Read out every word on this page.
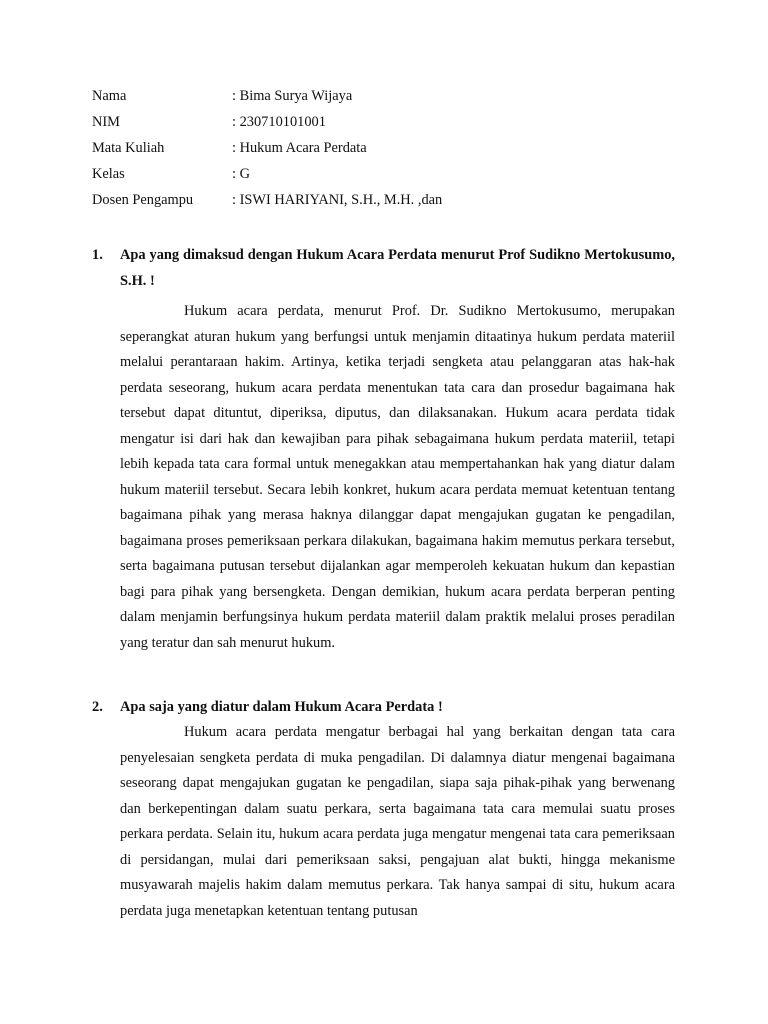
Nama	: Bima Surya Wijaya
NIM	: 230710101001
Mata Kuliah	: Hukum Acara Perdata
Kelas	: G
Dosen Pengampu	: ISWI HARIYANI, S.H., M.H. ,dan
1.	Apa yang dimaksud dengan Hukum Acara Perdata menurut Prof Sudikno Mertokusumo, S.H. !

Hukum acara perdata, menurut Prof. Dr. Sudikno Mertokusumo, merupakan seperangkat aturan hukum yang berfungsi untuk menjamin ditaatinya hukum perdata materiil melalui perantaraan hakim. Artinya, ketika terjadi sengketa atau pelanggaran atas hak-hak perdata seseorang, hukum acara perdata menentukan tata cara dan prosedur bagaimana hak tersebut dapat dituntut, diperiksa, diputus, dan dilaksanakan. Hukum acara perdata tidak mengatur isi dari hak dan kewajiban para pihak sebagaimana hukum perdata materiil, tetapi lebih kepada tata cara formal untuk menegakkan atau mempertahankan hak yang diatur dalam hukum materiil tersebut. Secara lebih konkret, hukum acara perdata memuat ketentuan tentang bagaimana pihak yang merasa haknya dilanggar dapat mengajukan gugatan ke pengadilan, bagaimana proses pemeriksaan perkara dilakukan, bagaimana hakim memutus perkara tersebut, serta bagaimana putusan tersebut dijalankan agar memperoleh kekuatan hukum dan kepastian bagi para pihak yang bersengketa. Dengan demikian, hukum acara perdata berperan penting dalam menjamin berfungsinya hukum perdata materiil dalam praktik melalui proses peradilan yang teratur dan sah menurut hukum.

2.	Apa saja yang diatur dalam Hukum Acara Perdata !

Hukum acara perdata mengatur berbagai hal yang berkaitan dengan tata cara penyelesaian sengketa perdata di muka pengadilan. Di dalamnya diatur mengenai bagaimana seseorang dapat mengajukan gugatan ke pengadilan, siapa saja pihak-pihak yang berwenang dan berkepentingan dalam suatu perkara, serta bagaimana tata cara memulai suatu proses perkara perdata. Selain itu, hukum acara perdata juga mengatur mengenai tata cara pemeriksaan di persidangan, mulai dari pemeriksaan saksi, pengajuan alat bukti, hingga mekanisme musyawarah majelis hakim dalam memutus perkara. Tak hanya sampai di situ, hukum acara perdata juga menetapkan ketentuan tentang putusan
